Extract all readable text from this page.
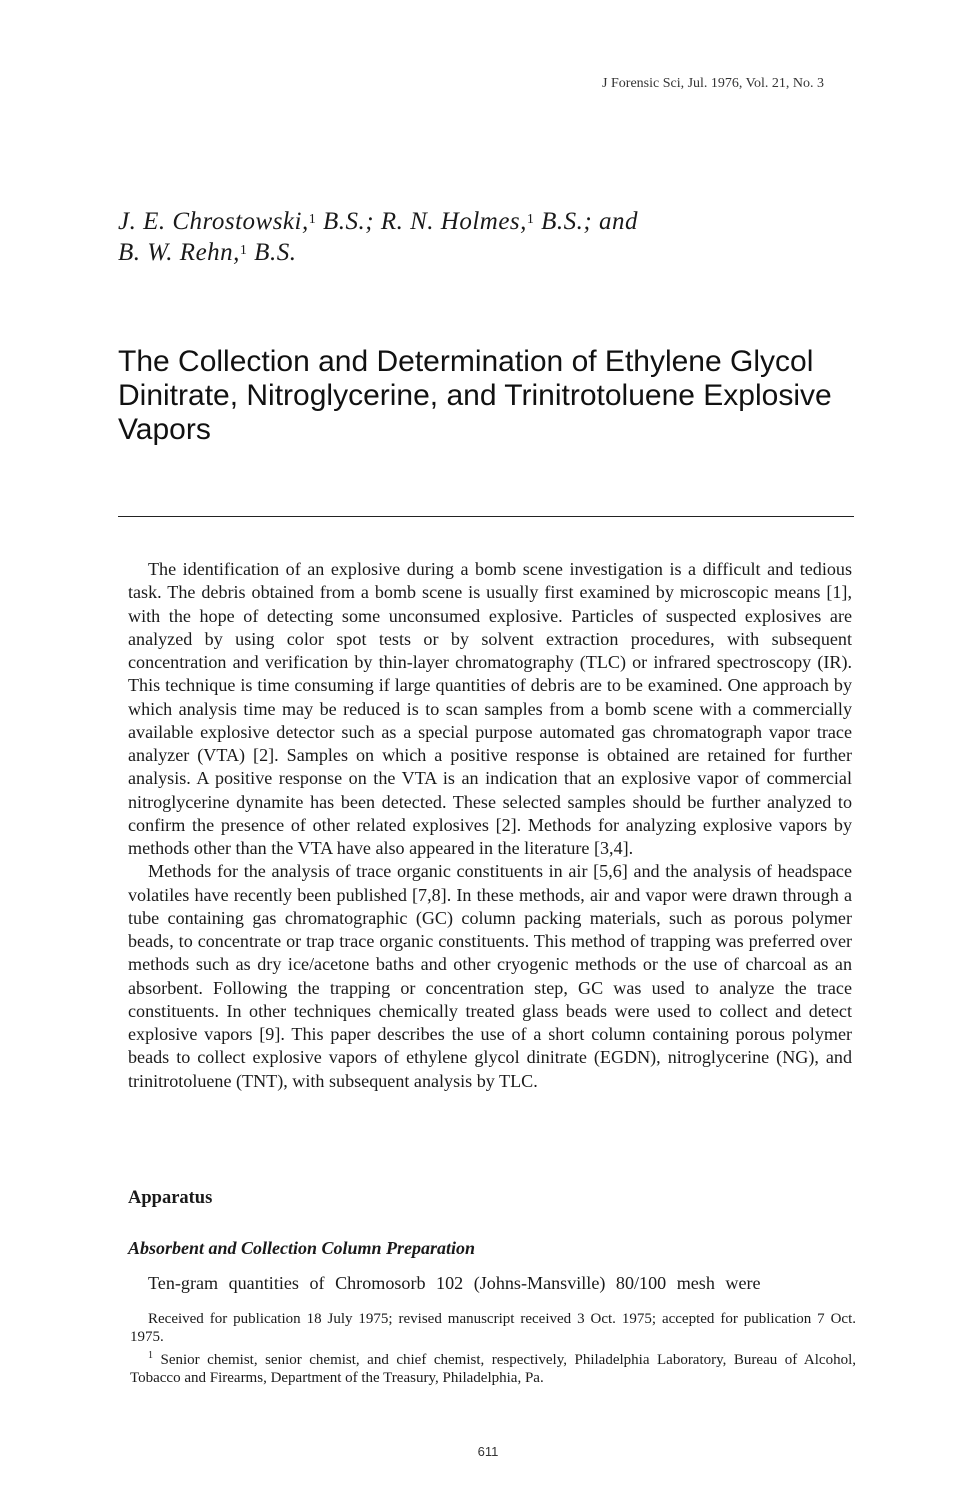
J Forensic Sci, Jul. 1976, Vol. 21, No. 3
J. E. Chrostowski,$^1$ B.S.; R. N. Holmes,$^1$ B.S.; and
B. W. Rehn,$^1$ B.S.
The Collection and Determination of Ethylene Glycol Dinitrate, Nitroglycerine, and Trinitrotoluene Explosive Vapors

The identification of an explosive during a bomb scene investigation is a difficult and tedious task. The debris obtained from a bomb scene is usually first examined by microscopic means [1], with the hope of detecting some unconsumed explosive. Particles of suspected explosives are analyzed by using color spot tests or by solvent extraction procedures, with subsequent concentration and verification by thin-layer chromatography (TLC) or infrared spectroscopy (IR). This technique is time consuming if large quantities of debris are to be examined. One approach by which analysis time may be reduced is to scan samples from a bomb scene with a commercially available explosive detector such as a special purpose automated gas chromatograph vapor trace analyzer (VTA) [2]. Samples on which a positive response is obtained are retained for further analysis. A positive response on the VTA is an indication that an explosive vapor of commercial nitroglycerine dynamite has been detected. These selected samples should be further analyzed to confirm the presence of other related explosives [2]. Methods for analyzing explosive vapors by methods other than the VTA have also appeared in the literature [3,4].

Methods for the analysis of trace organic constituents in air [5,6] and the analysis of headspace volatiles have recently been published [7,8]. In these methods, air and vapor were drawn through a tube containing gas chromatographic (GC) column packing materials, such as porous polymer beads, to concentrate or trap trace organic constituents. This method of trapping was preferred over methods such as dry ice/acetone baths and other cryogenic methods or the use of charcoal as an absorbent. Following the trapping or concentration step, GC was used to analyze the trace constituents. In other techniques chemically treated glass beads were used to collect and detect explosive vapors [9]. This paper describes the use of a short column containing porous polymer beads to collect explosive vapors of ethylene glycol dinitrate (EGDN), nitroglycerine (NG), and trinitrotoluene (TNT), with subsequent analysis by TLC.

Apparatus
Absorbent and Collection Column Preparation

Ten-gram quantities of Chromosorb 102 (Johns-Mansville) 80/100 mesh were

Received for publication 18 July 1975; revised manuscript received 3 Oct. 1975; accepted for publication 7 Oct. 1975.

$^1$ Senior chemist, senior chemist, and chief chemist, respectively, Philadelphia Laboratory, Bureau of Alcohol, Tobacco and Firearms, Department of the Treasury, Philadelphia, Pa.

611
